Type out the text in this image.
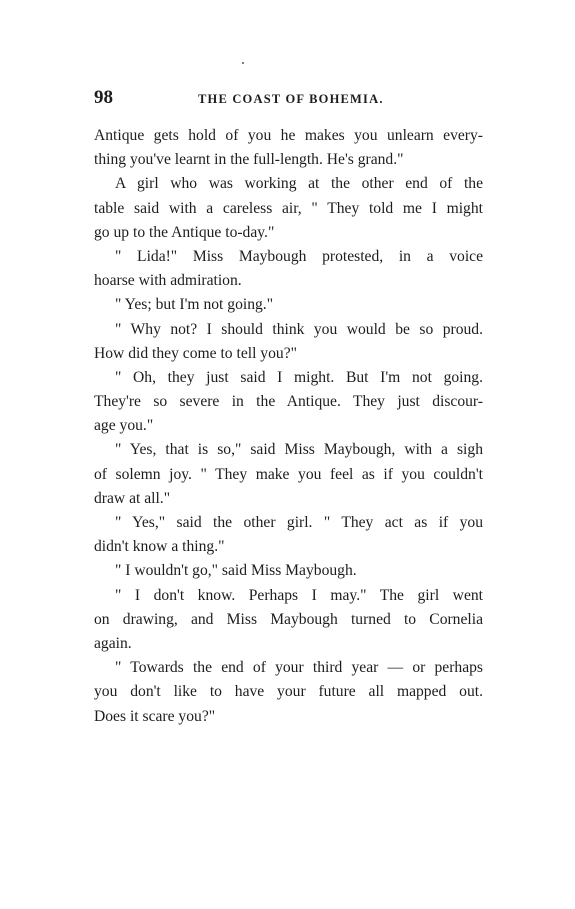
98	THE COAST OF BOHEMIA.
Antique gets hold of you he makes you unlearn every-
thing you've learnt in the full-length. He's grand."
A girl who was working at the other end of the
table said with a careless air, " They told me I might
go up to the Antique to-day."
" Lida!" Miss Maybough protested, in a voice
hoarse with admiration.
" Yes; but I'm not going."
" Why not? I should think you would be so proud.
How did they come to tell you?"
" Oh, they just said I might. But I'm not going.
They're so severe in the Antique. They just discour-
age you."
" Yes, that is so," said Miss Maybough, with a sigh
of solemn joy. " They make you feel as if you couldn't
draw at all."
" Yes," said the other girl. " They act as if you
didn't know a thing."
" I wouldn't go," said Miss Maybough.
" I don't know. Perhaps I may." The girl went
on drawing, and Miss Maybough turned to Cornelia
again.
" Towards the end of your third year — or perhaps
you don't like to have your future all mapped out.
Does it scare you?"
